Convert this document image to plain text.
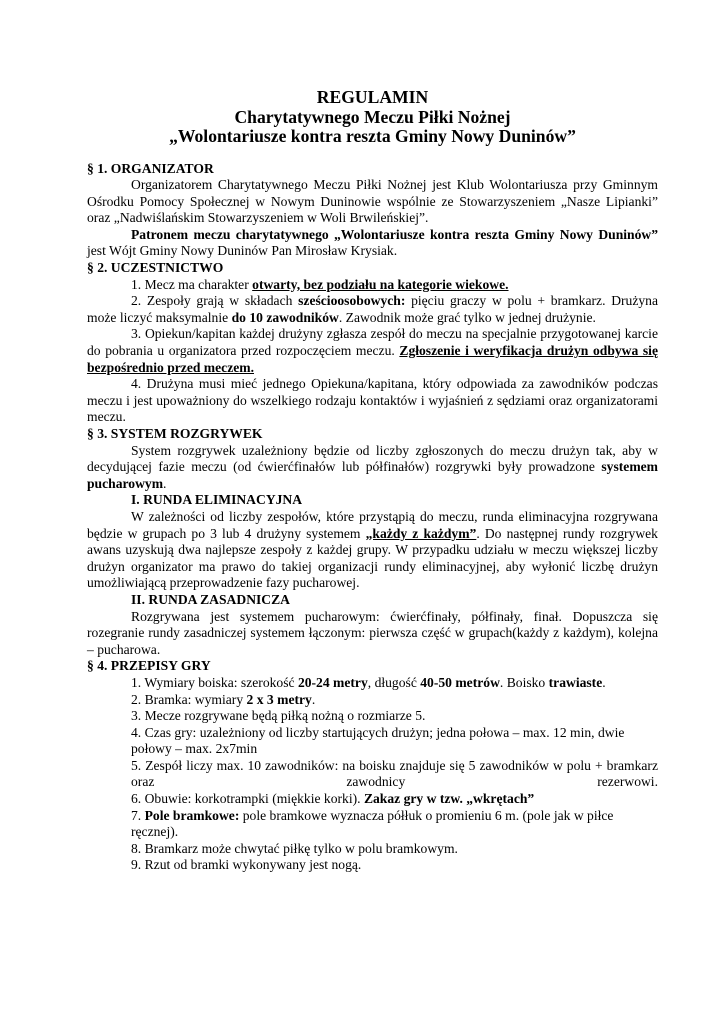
REGULAMIN
Charytatywnego Meczu Piłki Nożnej
„Wolontariusze kontra reszta Gminy Nowy Duninów”
§ 1. ORGANIZATOR
Organizatorem Charytatywnego Meczu Piłki Nożnej jest Klub Wolontariusza przy Gminnym Ośrodku Pomocy Społecznej w Nowym Duninowie wspólnie ze Stowarzyszeniem „Nasze Lipianki” oraz „Nadwiślańskim Stowarzyszeniem w Woli Brwileńskiej”.
Patronem meczu charytatywnego „Wolontariusze kontra reszta Gminy Nowy Duninów” jest Wójt Gminy Nowy Duninów Pan Mirosław Krysiak.
§ 2. UCZESTNICTWO
1. Mecz ma charakter otwarty, bez podziału na kategorie wiekowe.
2. Zespoły grają w składach sześcioosobowych: pięciu graczy w polu + bramkarz. Drużyna może liczyć maksymalnie do 10 zawodników. Zawodnik może grać tylko w jednej drużynie.
3. Opiekun/kapitan każdej drużyny zgłasza zespół do meczu na specjalnie przygotowanej karcie do pobrania u organizatora przed rozpoczęciem meczu. Zgłoszenie i weryfikacja drużyn odbywa się bezpośrednio przed meczem.
4. Drużyna musi mieć jednego Opiekuna/kapitana, który odpowiada za zawodników podczas meczu i jest upoważniony do wszelkiego rodzaju kontaktów i wyjaśnień z sędziami oraz organizatorami meczu.
§ 3. SYSTEM ROZGRYWEK
System rozgrywek uzależniony będzie od liczby zgłoszonych do meczu drużyn tak, aby w decydującej fazie meczu (od ćwierćfinałów lub półfinałów) rozgrywki były prowadzone systemem pucharowym.
I. RUNDA ELIMINACYJNA
W zależności od liczby zespołów, które przystąpią do meczu, runda eliminacyjna rozgrywana będzie w grupach po 3 lub 4 drużyny systemem „każdy z każdym”. Do następnej rundy rozgrywek awans uzyskują dwa najlepsze zespoły z każdej grupy. W przypadku udziału w meczu większej liczby drużyn organizator ma prawo do takiej organizacji rundy eliminacyjnej, aby wyłonić liczbę drużyn umożliwiającą przeprowadzenie fazy pucharowej.
II. RUNDA ZASADNICZA
Rozgrywana jest systemem pucharowym: ćwierćfinały, półfinały, finał. Dopuszcza się rozegranie rundy zasadniczej systemem łączonym: pierwsza część w grupach(każdy z każdym), kolejna – pucharowa.
§ 4. PRZEPISY GRY
1. Wymiary boiska: szerokość 20-24 metry, długość 40-50 metrów. Boisko trawiaste.
2. Bramka: wymiary 2 x 3 metry.
3. Mecze rozgrywane będą piłką nożną o rozmiarze 5.
4. Czas gry: uzależniony od liczby startujących drużyn; jedna połowa – max. 12 min, dwie połowy – max. 2x7min
5. Zespół liczy max. 10 zawodników: na boisku znajduje się 5 zawodników w polu + bramkarz oraz zawodnicy rezerwowi.
6. Obuwie: korkotrampki (miękkie korki). Zakaz gry w tzw. „wkrętach”
7. Pole bramkowe: pole bramkowe wyznacza półłuk o promieniu 6 m. (pole jak w piłce ręcznej).
8. Bramkarz może chwytać piłkę tylko w polu bramkowym.
9. Rzut od bramki wykonywany jest nogą.
